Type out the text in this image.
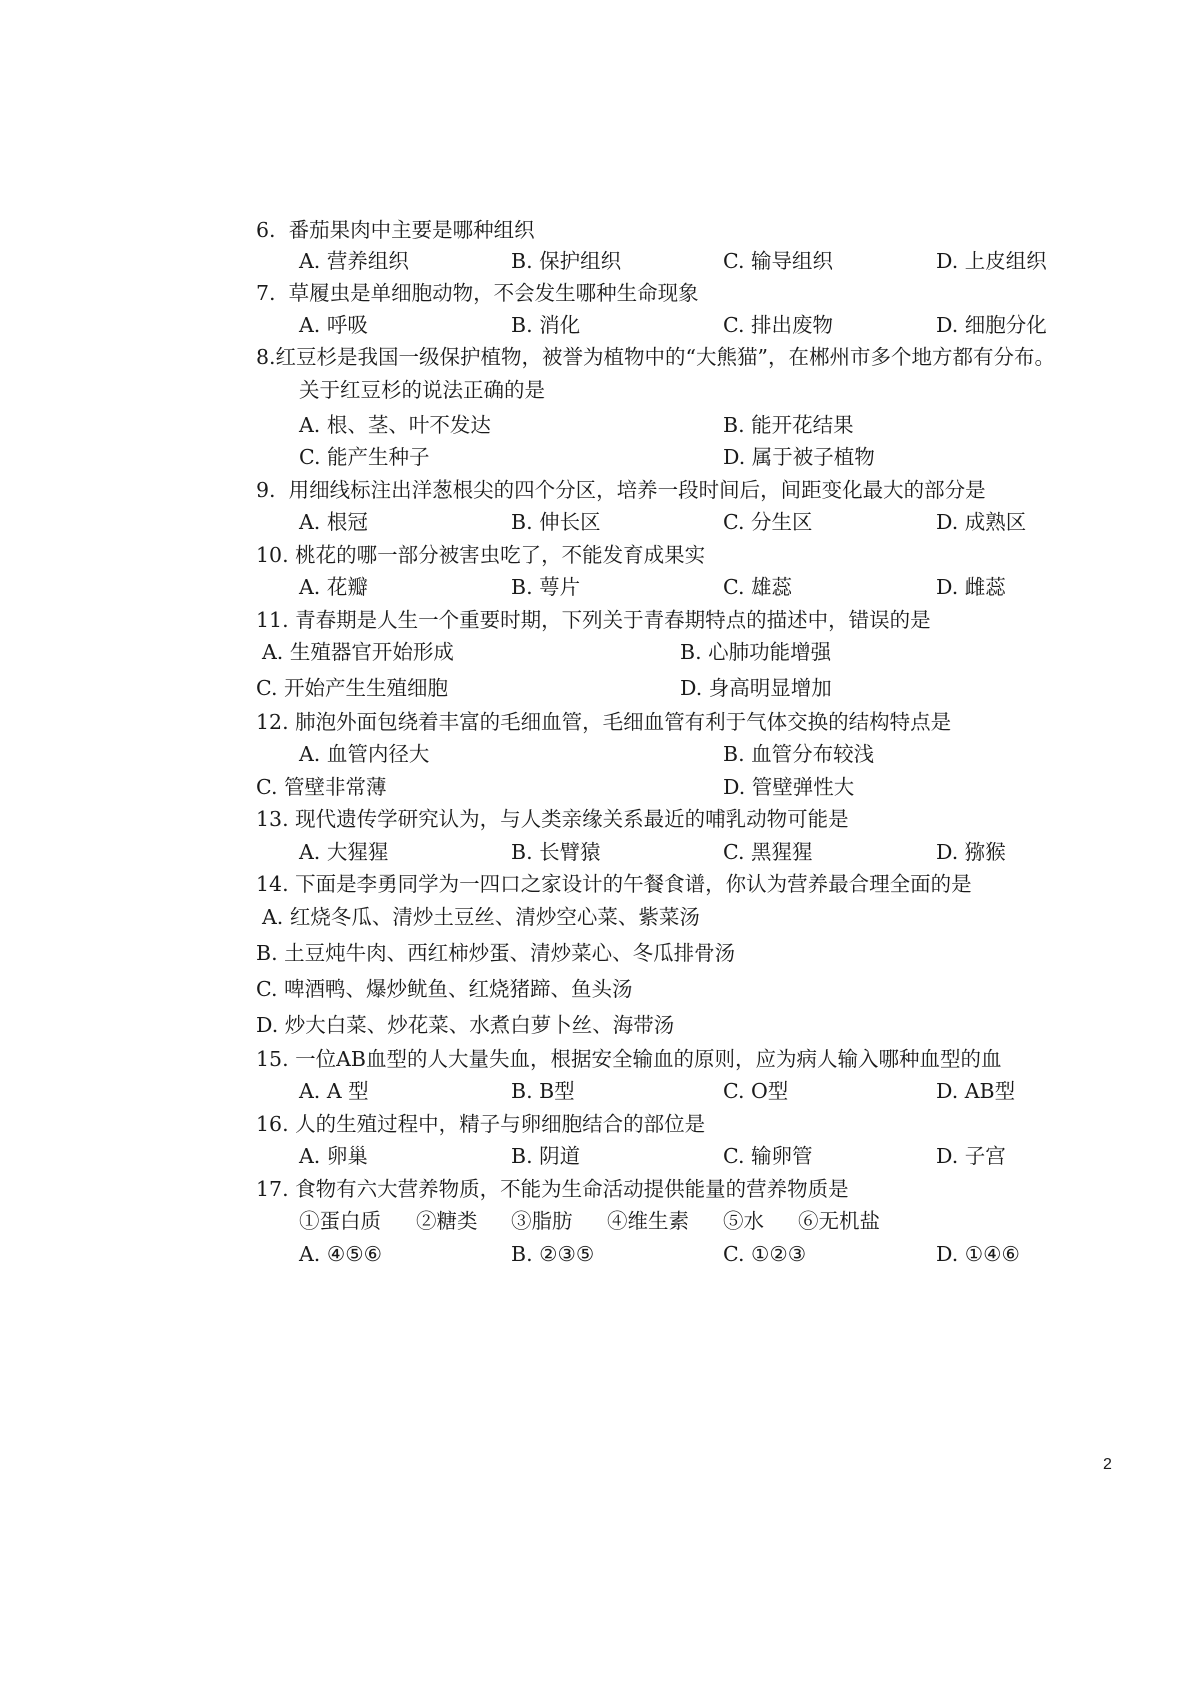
6.  番茄果肉中主要是哪种组织
A. 营养组织	B. 保护组织	C. 输导组织	D. 上皮组织
7.  草履虫是单细胞动物，不会发生哪种生命现象
A. 呼吸	B. 消化	C. 排出废物	D. 细胞分化
8.红豆杉是我国一级保护植物，被誉为植物中的“大熊猫”，在郴州市多个地方都有分布。
关于红豆杉的说法正确的是
A. 根、茎、叶不发达	B. 能开花结果
C. 能产生种子	D. 属于被子植物
9.  用细线标注出洋葱根尖的四个分区，培养一段时间后，间距变化最大的部分是
A. 根冠	B. 伸长区	C. 分生区	D. 成熟区
10. 桃花的哪一部分被害虫吃了，不能发育成果实
A. 花瓣	B. 萼片	C. 雄蕊	D. 雌蕊
11. 青春期是人生一个重要时期，下列关于青春期特点的描述中，错误的是
A. 生殖器官开始形成	B. 心肺功能增强
C. 开始产生生殖细胞	D. 身高明显增加
12. 肺泡外面包绕着丰富的毛细血管，毛细血管有利于气体交换的结构特点是
A. 血管内径大	B. 血管分布较浅
C. 管壁非常薄	D. 管壁弹性大
13. 现代遗传学研究认为，与人类亲缘关系最近的哺乳动物可能是
A. 大猩猩	B. 长臂猿	C. 黑猩猩	D. 猕猴
14. 下面是李勇同学为一四口之家设计的午餐食谱，你认为营养最合理全面的是
A. 红烧冬瓜、清炒土豆丝、清炒空心菜、紫菜汤
B. 土豆炖牛肉、西红柿炒蛋、清炒菜心、冬瓜排骨汤
C. 啤酒鸭、爆炒鱿鱼、红烧猪蹄、鱼头汤
D. 炒大白菜、炒花菜、水煮白萝卜丝、海带汤
15. 一位AB血型的人大量失血，根据安全输血的原则，应为病人输入哪种血型的血
A. A 型	B. B型	C. O型	D. AB型
16. 人的生殖过程中，精子与卵细胞结合的部位是
A. 卵巢	B. 阴道	C. 输卵管	D. 子宫
17. 食物有六大营养物质，不能为生命活动提供能量的营养物质是
①蛋白质 ②糖类 ③脂肪 ④维生素 ⑤水 ⑥无机盐
A. ④⑤⑥	B. ②③⑤	C. ①②③	D. ①④⑥
2
